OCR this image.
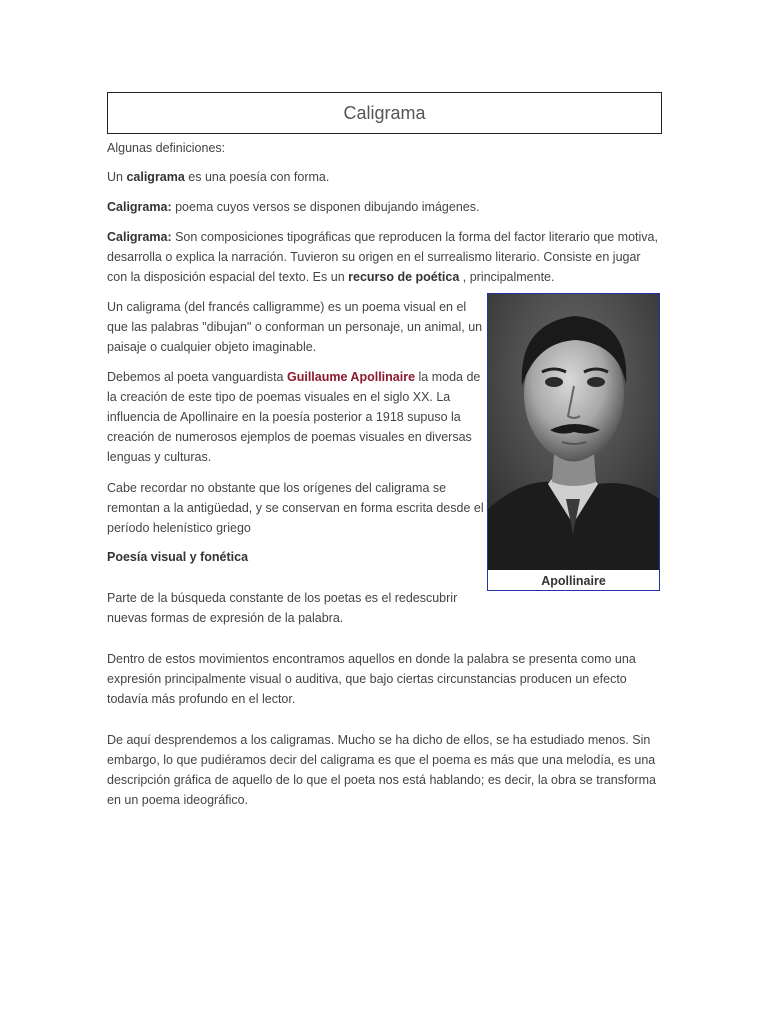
Caligrama

Algunas definiciones:

Un caligrama es una poesía con forma.

Caligrama: poema cuyos versos se disponen dibujando imágenes.

Caligrama: Son composiciones tipográficas que reproducen la forma del factor literario que motiva, desarrolla o explica la narración. Tuvieron su origen en el surrealismo literario. Consiste en jugar con la disposición espacial del texto. Es un recurso de poética , principalmente.

Un caligrama (del francés calligramme) es un poema visual en el que las palabras "dibujan" o conforman un personaje, un animal, un paisaje o cualquier objeto imaginable.

Debemos al poeta vanguardista Guillaume Apollinaire la moda de la creación de este tipo de poemas visuales en el siglo XX. La influencia de Apollinaire en la poesía posterior a 1918 supuso la creación de numerosos ejemplos de poemas visuales en diversas lenguas y culturas.

Cabe recordar no obstante que los orígenes del caligrama se remontan a la antigüedad, y se conservan en forma escrita desde el período helenístico griego

Poesía visual y fonética

Parte de la búsqueda constante de los poetas es el redescubrir nuevas formas de expresión de la palabra.

Dentro de estos movimientos encontramos aquellos en donde la palabra se presenta como una expresión principalmente visual o auditiva, que bajo ciertas circunstancias producen un efecto todavía más profundo en el lector.

De aquí desprendemos a los caligramas. Mucho se ha dicho de ellos, se ha estudiado menos. Sin embargo, lo que pudiéramos decir del caligrama es que el poema es más que una melodía, es una descripción gráfica de aquello de lo que el poeta nos está hablando; es decir, la obra se transforma en un poema ideográfico.

Apollinaire
